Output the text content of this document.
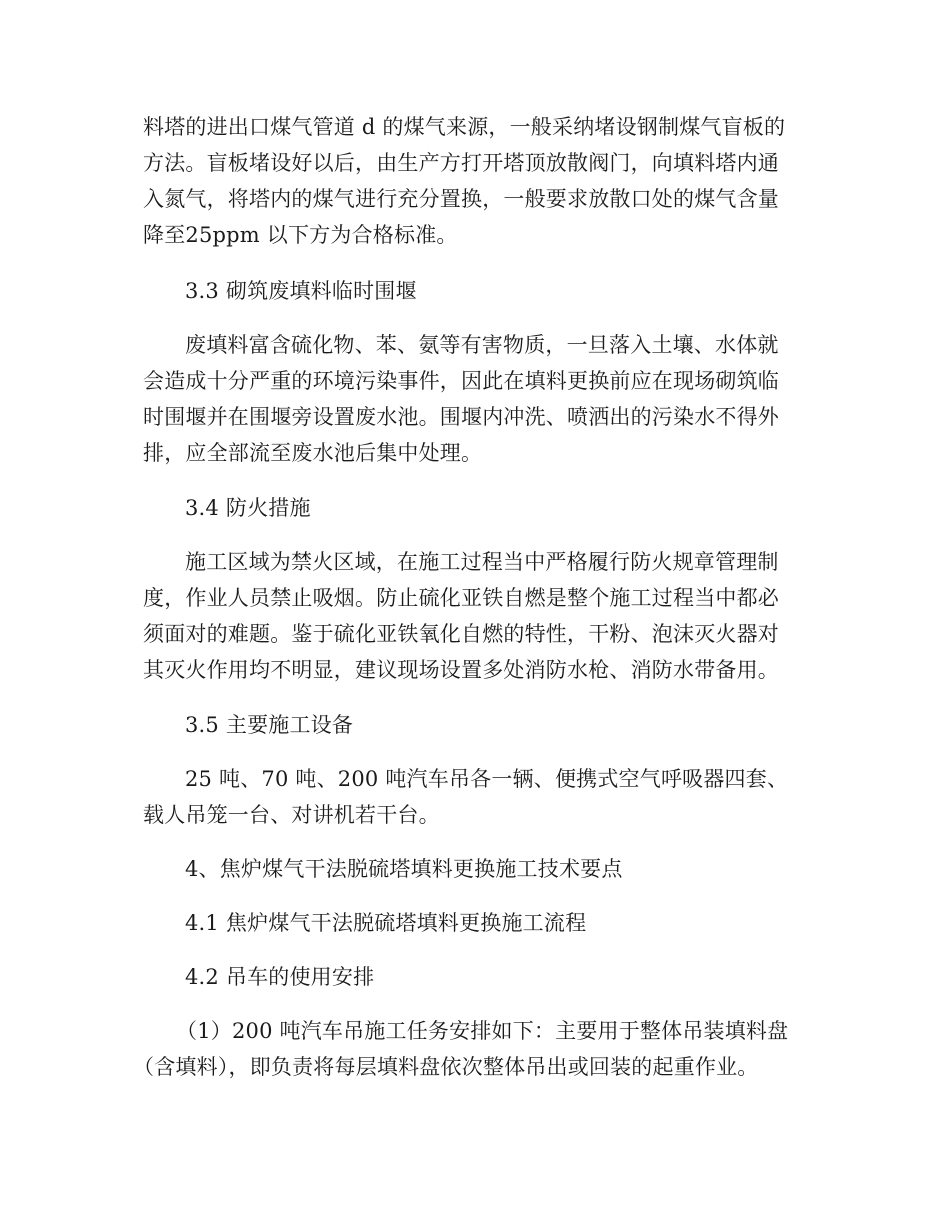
料塔的进出口煤气管道 d 的煤气来源，一般采纳堵设钢制煤气盲板的
方法。盲板堵设好以后，由生产方打开塔顶放散阀门，向填料塔内通
入氮气，将塔内的煤气进行充分置换，一般要求放散口处的煤气含量
降至25ppm 以下方为合格标准。
3.3 砌筑废填料临时围堰
废填料富含硫化物、苯、氨等有害物质，一旦落入土壤、水体就
会造成十分严重的环境污染事件，因此在填料更换前应在现场砌筑临
时围堰并在围堰旁设置废水池。围堰内冲洗、喷洒出的污染水不得外
排，应全部流至废水池后集中处理。
3.4 防火措施
施工区域为禁火区域，在施工过程当中严格履行防火规章管理制
度，作业人员禁止吸烟。防止硫化亚铁自燃是整个施工过程当中都必
须面对的难题。鉴于硫化亚铁氧化自燃的特性，干粉、泡沫灭火器对
其灭火作用均不明显，建议现场设置多处消防水枪、消防水带备用。
3.5 主要施工设备
25 吨、70 吨、200 吨汽车吊各一辆、便携式空气呼吸器四套、
载人吊笼一台、对讲机若干台。
4、焦炉煤气干法脱硫塔填料更换施工技术要点
4.1 焦炉煤气干法脱硫塔填料更换施工流程
4.2 吊车的使用安排
（1）200 吨汽车吊施工任务安排如下：主要用于整体吊装填料盘
（含填料），即负责将每层填料盘依次整体吊出或回装的起重作业。
